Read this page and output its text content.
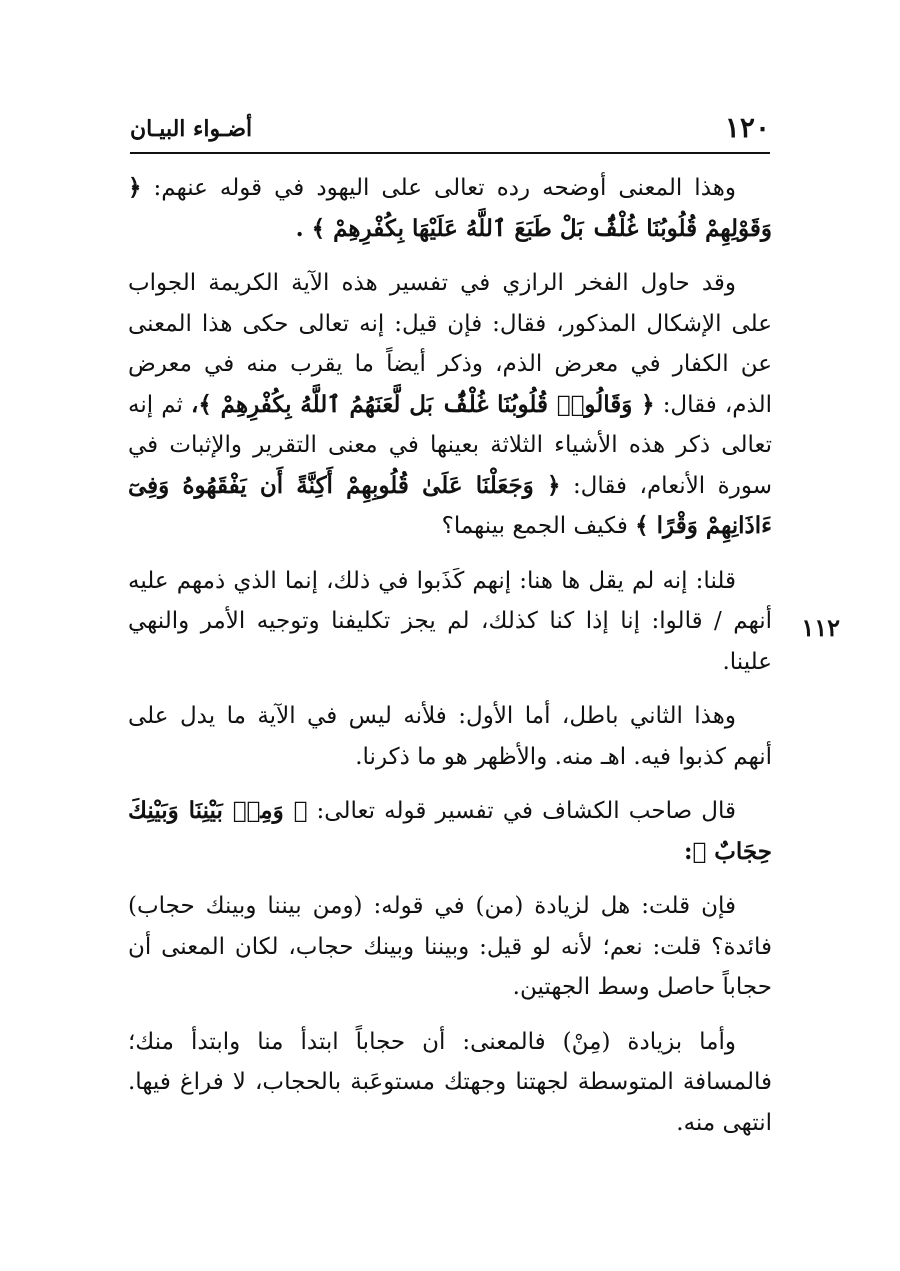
١٢٠
أضـواء البيـان
١١٢

وهذا المعنى أوضحه رده تعالى على اليهود في قوله عنهم: ﴿ وَقَوْلِهِمْ قُلُوبُنَا غُلْفٌۢ بَلْ طَبَعَ ٱللَّهُ عَلَيْهَا بِكُفْرِهِمْ ﴾ .

وقد حاول الفخر الرازي في تفسير هذه الآية الكريمة الجواب على الإشكال المذكور، فقال: فإن قيل: إنه تعالى حكى هذا المعنى عن الكفار في معرض الذم، وذكر أيضاً ما يقرب منه في معرض الذم، فقال: ﴿ وَقَالُوا۟ قُلُوبُنَا غُلْفٌۢ بَل لَّعَنَهُمُ ٱللَّهُ بِكُفْرِهِمْ ﴾، ثم إنه تعالى ذكر هذه الأشياء الثلاثة بعينها في معنى التقرير والإثبات في سورة الأنعام، فقال: ﴿ وَجَعَلْنَا عَلَىٰ قُلُوبِهِمْ أَكِنَّةً أَن يَفْقَهُوهُ وَفِىٓ ءَاذَانِهِمْ وَقْرًا ﴾ فكيف الجمع بينهما؟

قلنا: إنه لم يقل ها هنا: إنهم كَذَبوا في ذلك، إنما الذي ذمهم عليه أنهم / قالوا: إنا إذا كنا كذلك، لم يجز تكليفنا وتوجيه الأمر والنهي علينا.

وهذا الثاني باطل، أما الأول: فلأنه ليس في الآية ما يدل على أنهم كذبوا فيه. اهـ منه. والأظهر هو ما ذكرنا.

قال صاحب الكشاف في تفسير قوله تعالى: ﴿ وَمِنۢ بَيْنِنَا وَبَيْنِكَ حِجَابٌ ﴾:

فإن قلت: هل لزيادة (من) في قوله: (ومن بيننا وبينك حجاب) فائدة؟ قلت: نعم؛ لأنه لو قيل: وبيننا وبينك حجاب، لكان المعنى أن حجاباً حاصل وسط الجهتين.

وأما بزيادة (مِنْ) فالمعنى: أن حجاباً ابتدأ منا وابتدأ منك؛ فالمسافة المتوسطة لجهتنا وجهتك مستوعَبة بالحجاب، لا فراغ فيها. انتهى منه.
